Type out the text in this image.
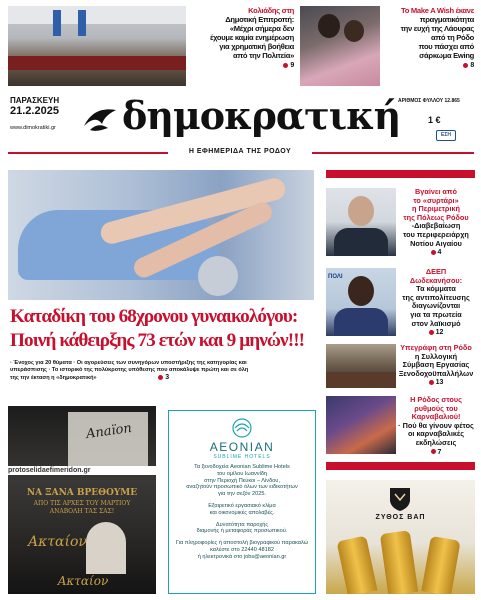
Κολιάδης στη
Δημοτική Επιτροπή:
«Μέχρι σήμερα δεν
έχουμε καμία ενημέρωση
για χρηματική βοήθεια
από την Πολιτεία»
9
To Make A Wish έκανε
πραγματικότητα
την ευχή της Λάουρας
από τη Ρόδο
που πάσχει από
σάρκωμα Ewing
8
ΠΑΡΑΣΚΕΥΗ
21.2.2025
www.dimokratiki.gr	δημοκρατική
ΑΡΙΘΜΟΣ ΦΥΛΛΟΥ 12.865
1 €
ΕΣΗ
Η ΕΦΗΜΕΡΙΔΑ ΤΗΣ ΡΟΔΟΥ
Καταδίκη του 68χρονου γυναικολόγου:
Ποινή κάθειρξης 73 ετών και 9 μηνών!!!
· Ένοχος για 20 θύματα · Οι αγορεύσεις των συνηγόρων υποστήριξης της κατηγορίας και
υπεράσπισης · Το ιστορικό της πολύκροτης υπόθεσης που αποκάλυψε πρώτη και σε όλη
της την έκταση η «δημοκρατική»	3
Βγαίνει από
το «συρτάρι»
η Περιμετρική
της Πόλεως Ρόδου
-Διαβεβαίωση
του περιφερειάρχη
Νοτίου Αιγαίου
4
ΠΟΛΙ
ΔΕΕΠ
Δωδεκανήσου:
Τα κόμματα
της αντιπολίτευσης
διαγωνίζονται
για τα πρωτεία
στον λαϊκισμό
12
Υπεγράφη στη Ρόδο
η Συλλογική
Σύμβαση Εργασίας
Ξενοδοχοϋπαλλήλων
13
Η Ρόδος στους
ρυθμούς του
Καρναβαλιού!
· Πού θα γίνουν φέτος
οι καρναβαλικές
εκδηλώσεις
7
Anaïon
protoselidaefimeridon.gr
ΝΑ ΞΑΝΑ ΒΡΕΘΟΥΜΕ
ΑΠΟ ΤΙΣ ΑΡΧΕΣ ΤΟΥ ΜΑΡΤΙΟΥ
ΑΝΑΒΟΛΗ ΤΑΣ ΣΑΣ!
Ακταίον
Ακταίον
AEONIAN
SUBLIME HOTELS
Τα ξενοδοχεία Aeonian Sublime Hotels
του ομίλου Ιωαννίδη
στην Περιοχή Πεύκοι – Λίνδου,
αναζητούν προσωπικό όλων των ειδικοτήτων
για την σεζόν 2025.
Εξαιρετικό εργασιακό κλίμα
και οικονομικές απολαβές.
Δυνατότητα παροχής
διαμονής ή μεταφοράς προσωπικού.
Για πληροφορίες ή αποστολή βιογραφικού παρακαλώ
καλέστε στο 22440 48182
ή ηλεκτρονικά στο jobs@aeonian.gr
ΖΥΘΟΣ ΒΑΠ
